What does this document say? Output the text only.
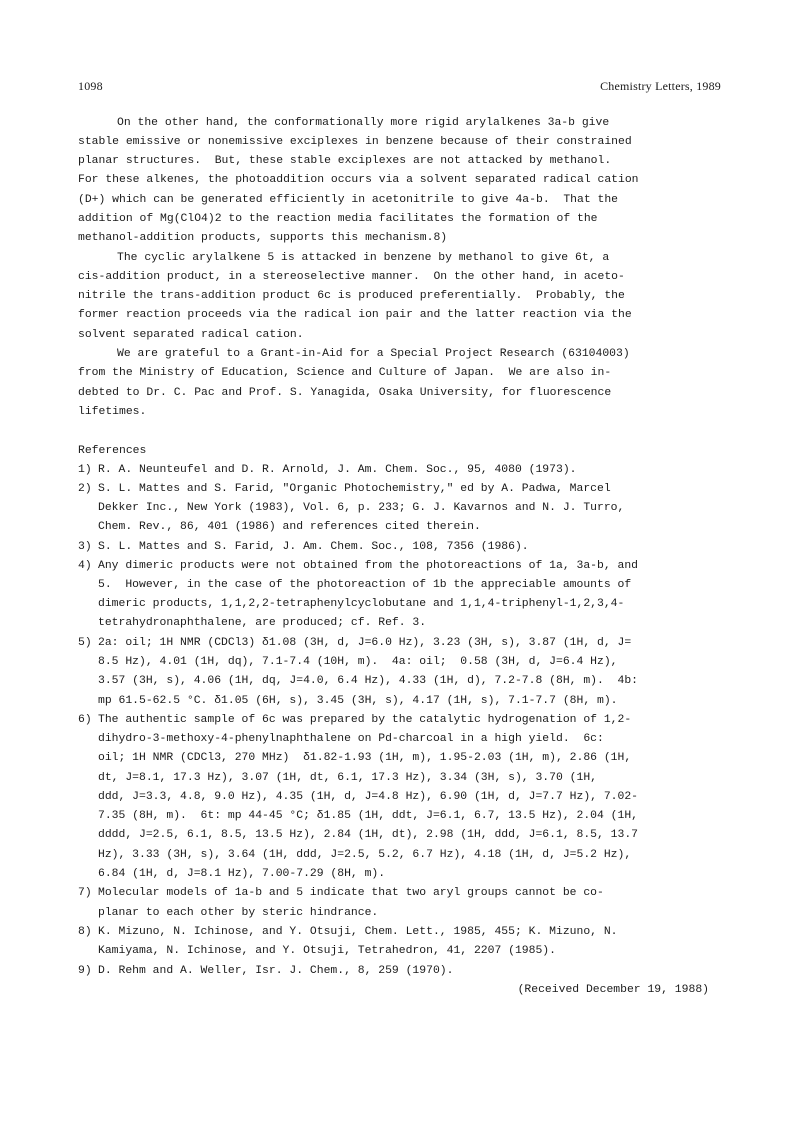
1098	Chemistry Letters, 1989
On the other hand, the conformationally more rigid arylalkenes 3a-b give
stable emissive or nonemissive exciplexes in benzene because of their constrained
planar structures.  But, these stable exciplexes are not attacked by methanol.
For these alkenes, the photoaddition occurs via a solvent separated radical cation
(D+) which can be generated efficiently in acetonitrile to give 4a-b.  That the
addition of Mg(ClO4)2 to the reaction media facilitates the formation of the
methanol-addition products, supports this mechanism.8)
The cyclic arylalkene 5 is attacked in benzene by methanol to give 6t, a
cis-addition product, in a stereoselective manner.  On the other hand, in aceto-
nitrile the trans-addition product 6c is produced preferentially.  Probably, the
former reaction proceeds via the radical ion pair and the latter reaction via the
solvent separated radical cation.
We are grateful to a Grant-in-Aid for a Special Project Research (63104003)
from the Ministry of Education, Science and Culture of Japan.  We are also in-
debted to Dr. C. Pac and Prof. S. Yanagida, Osaka University, for fluorescence
lifetimes.
References
1) R. A. Neunteufel and D. R. Arnold, J. Am. Chem. Soc., 95, 4080 (1973).
2) S. L. Mattes and S. Farid, "Organic Photochemistry," ed by A. Padwa, Marcel
Dekker Inc., New York (1983), Vol. 6, p. 233; G. J. Kavarnos and N. J. Turro,
Chem. Rev., 86, 401 (1986) and references cited therein.
3) S. L. Mattes and S. Farid, J. Am. Chem. Soc., 108, 7356 (1986).
4) Any dimeric products were not obtained from the photoreactions of 1a, 3a-b, and
5.  However, in the case of the photoreaction of 1b the appreciable amounts of
dimeric products, 1,1,2,2-tetraphenylcyclobutane and 1,1,4-triphenyl-1,2,3,4-
tetrahydronaphthalene, are produced; cf. Ref. 3.
5) 2a: oil; 1H NMR (CDCl3) δ1.08 (3H, d, J=6.0 Hz), 3.23 (3H, s), 3.87 (1H, d, J=
8.5 Hz), 4.01 (1H, dq), 7.1-7.4 (10H, m).  4a: oil;  0.58 (3H, d, J=6.4 Hz),
3.57 (3H, s), 4.06 (1H, dq, J=4.0, 6.4 Hz), 4.33 (1H, d), 7.2-7.8 (8H, m).  4b:
mp 61.5-62.5 °C. δ1.05 (6H, s), 3.45 (3H, s), 4.17 (1H, s), 7.1-7.7 (8H, m).
6) The authentic sample of 6c was prepared by the catalytic hydrogenation of 1,2-
dihydro-3-methoxy-4-phenylnaphthalene on Pd-charcoal in a high yield.  6c:
oil; 1H NMR (CDCl3, 270 MHz)  δ1.82-1.93 (1H, m), 1.95-2.03 (1H, m), 2.86 (1H,
dt, J=8.1, 17.3 Hz), 3.07 (1H, dt, 6.1, 17.3 Hz), 3.34 (3H, s), 3.70 (1H,
ddd, J=3.3, 4.8, 9.0 Hz), 4.35 (1H, d, J=4.8 Hz), 6.90 (1H, d, J=7.7 Hz), 7.02-
7.35 (8H, m).  6t: mp 44-45 °C; δ1.85 (1H, ddt, J=6.1, 6.7, 13.5 Hz), 2.04 (1H,
dddd, J=2.5, 6.1, 8.5, 13.5 Hz), 2.84 (1H, dt), 2.98 (1H, ddd, J=6.1, 8.5, 13.7
Hz), 3.33 (3H, s), 3.64 (1H, ddd, J=2.5, 5.2, 6.7 Hz), 4.18 (1H, d, J=5.2 Hz),
6.84 (1H, d, J=8.1 Hz), 7.00-7.29 (8H, m).
7) Molecular models of 1a-b and 5 indicate that two aryl groups cannot be co-
planar to each other by steric hindrance.
8) K. Mizuno, N. Ichinose, and Y. Otsuji, Chem. Lett., 1985, 455; K. Mizuno, N.
Kamiyama, N. Ichinose, and Y. Otsuji, Tetrahedron, 41, 2207 (1985).
9) D. Rehm and A. Weller, Isr. J. Chem., 8, 259 (1970).
(Received December 19, 1988)
